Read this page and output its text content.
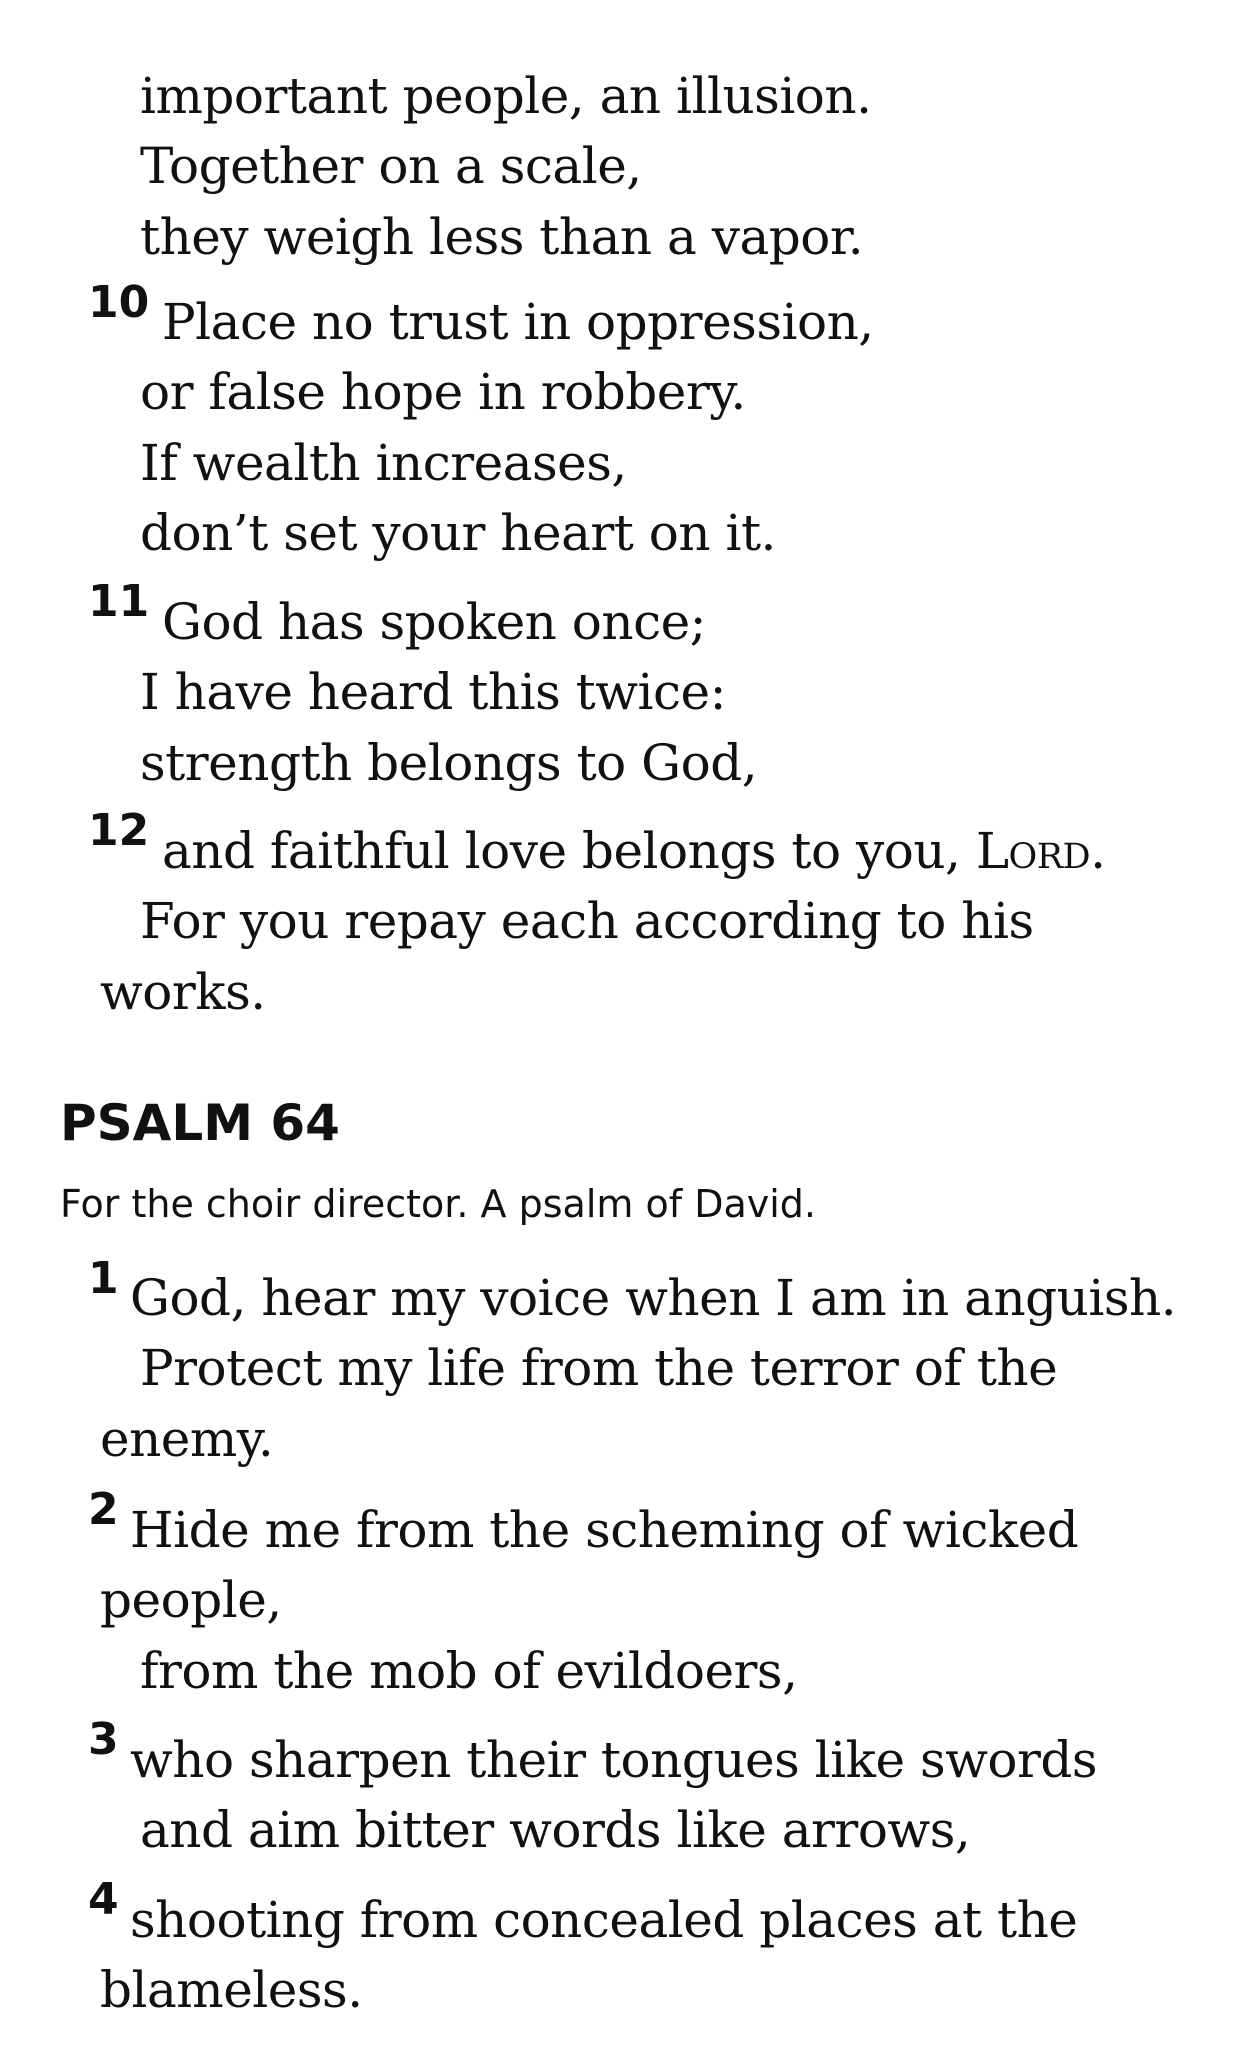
important people, an illusion.
Together on a scale,
they weigh less than a vapor.
10 Place no trust in oppression,
or false hope in robbery.
If wealth increases,
don’t set your heart on it.
11 God has spoken once;
I have heard this twice:
strength belongs to God,
12 and faithful love belongs to you, Lord.
For you repay each according to his
works.
PSALM 64
For the choir director. A psalm of David.
1 God, hear my voice when I am in anguish.
Protect my life from the terror of the
enemy.
2 Hide me from the scheming of wicked
people,
from the mob of evildoers,
3 who sharpen their tongues like swords
and aim bitter words like arrows,
4 shooting from concealed places at the
blameless.
